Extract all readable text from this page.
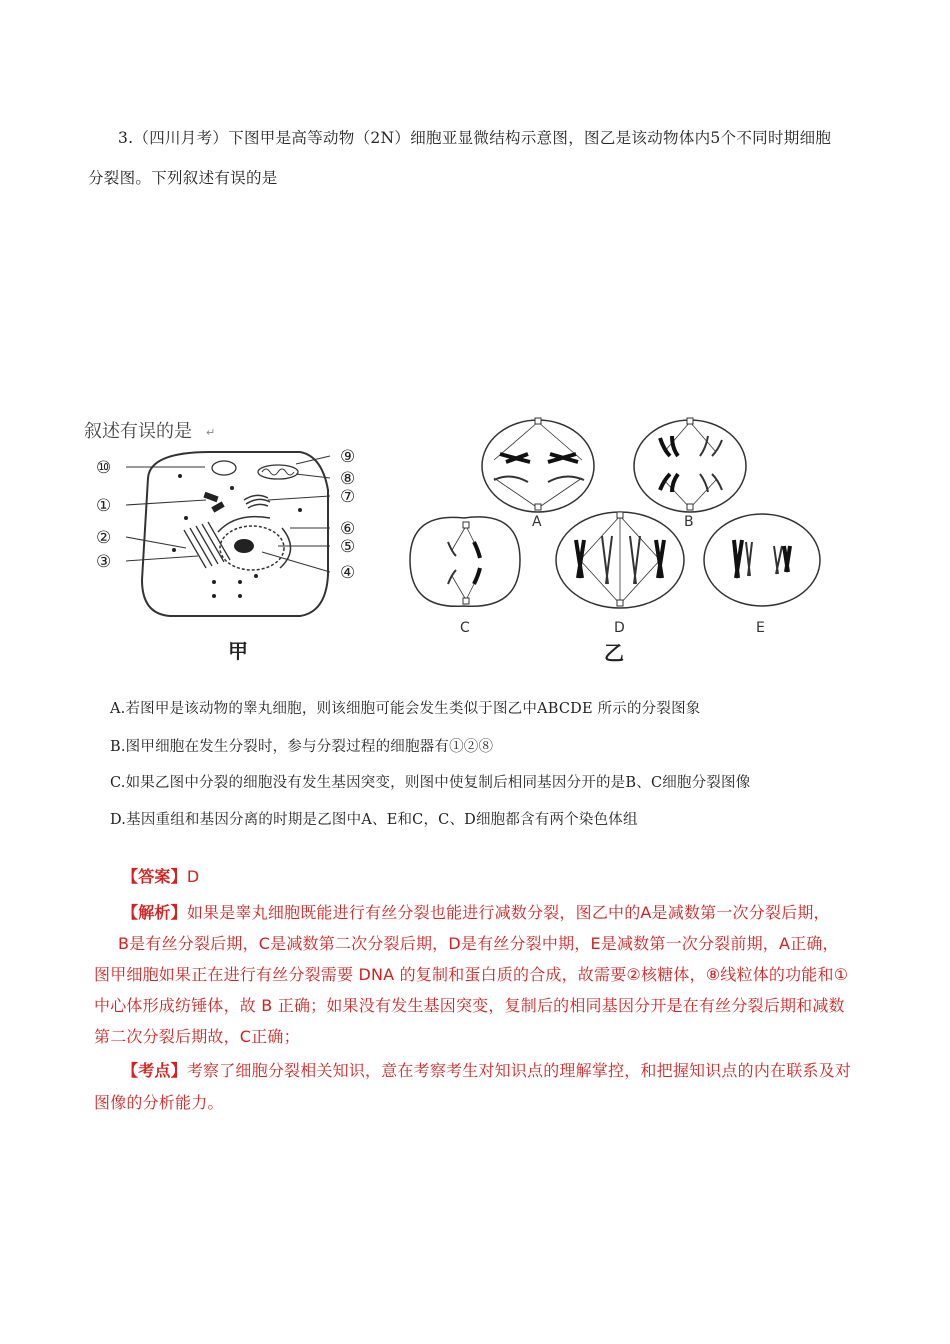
3.（四川月考）下图甲是高等动物（2N）细胞亚显微结构示意图，图乙是该动物体内5个不同时期细胞
分裂图。下列叙述有误的是
叙述有误的是 ↵
⑩
①
②
③
⑨
⑧
⑦
⑥
⑤
④
甲
A	B
C	D	E
乙
A.若图甲是该动物的睾丸细胞，则该细胞可能会发生类似于图乙中ABCDE 所示的分裂图象
B.图甲细胞在发生分裂时，参与分裂过程的细胞器有①②⑧
C.如果乙图中分裂的细胞没有发生基因突变，则图中使复制后相同基因分开的是B、C细胞分裂图像
D.基因重组和基因分离的时期是乙图中A、E和C，C、D细胞都含有两个染色体组
【答案】D
【解析】如果是睾丸细胞既能进行有丝分裂也能进行减数分裂，图乙中的A是减数第一次分裂后期，
B是有丝分裂后期，C是减数第二次分裂后期，D是有丝分裂中期，E是减数第一次分裂前期，A正确，
图甲细胞如果正在进行有丝分裂需要 DNA 的复制和蛋白质的合成，故需要②核糖体，⑧线粒体的功能和①
中心体形成纺锤体，故 B 正确；如果没有发生基因突变，复制后的相同基因分开是在有丝分裂后期和减数
第二次分裂后期故，C正确；
【考点】考察了细胞分裂相关知识，意在考察考生对知识点的理解掌控，和把握知识点的内在联系及对
图像的分析能力。
